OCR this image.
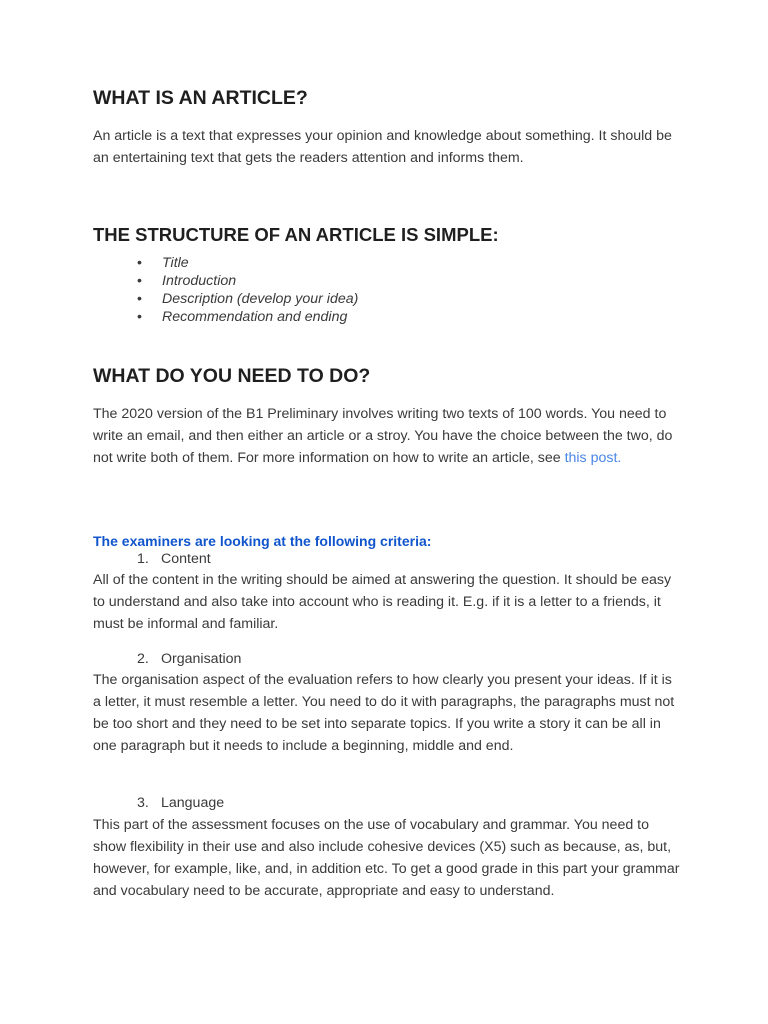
WHAT IS AN ARTICLE?

An article is a text that expresses your opinion and knowledge about something. It should be an entertaining text that gets the readers attention and informs them.

THE STRUCTURE OF AN ARTICLE IS SIMPLE:
• Title
• Introduction
• Description (develop your idea)
• Recommendation and ending
WHAT DO YOU NEED TO DO?

The 2020 version of the B1 Preliminary involves writing two texts of 100 words. You need to write an email, and then either an article or a stroy. You have the choice between the two, do not write both of them. For more information on how to write an article, see this post.

The examiners are looking at the following criteria:
1. Content

All of the content in the writing should be aimed at answering the question. It should be easy to understand and also take into account who is reading it. E.g. if it is a letter to a friends, it must be informal and familiar.

2. Organisation

The organisation aspect of the evaluation refers to how clearly you present your ideas. If it is a letter, it must resemble a letter. You need to do it with paragraphs, the paragraphs must not be too short and they need to be set into separate topics. If you write a story it can be all in one paragraph but it needs to include a beginning, middle and end.

3. Language

This part of the assessment focuses on the use of vocabulary and grammar. You need to show flexibility in their use and also include cohesive devices (X5) such as because, as, but, however, for example, like, and, in addition etc. To get a good grade in this part your grammar and vocabulary need to be accurate, appropriate and easy to understand.
